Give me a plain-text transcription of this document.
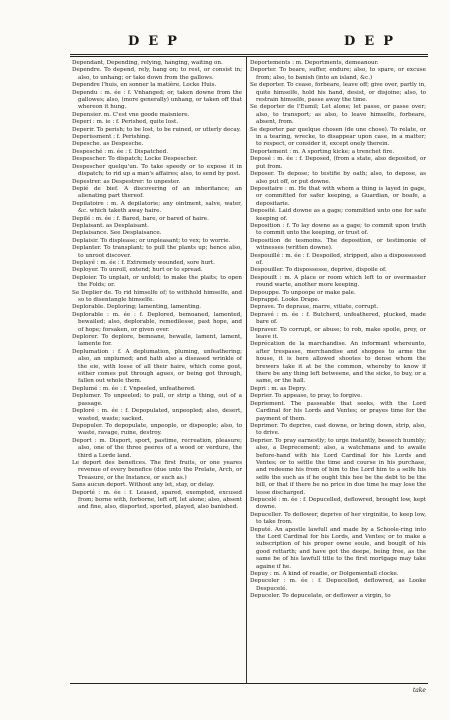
DEP	DEP

Dependant, Depending, relying, hanging, waiting on.

Dependre. To depend, rely, hang on; to rest, or consist in; also, to unhang; or take down from the gallows.

Dependre l'huis, en sonner la matière. Locke Huis.

Dependu : m. ée : f. Vnhanged; or, taken downe from the gallowes; also, (more generally) unhang, or taken off that whereon it hung.

Depensier. m. C'est vne goode maisniere.

Deperi : m. ie : f. Perished, quite lost.

Deperir. To perish; to be lost, to be ruined, or utterly decay.

Deperissment : f. Perishing.

Depesche. as Despesche.

Despesché : m. ée : f. Dispatched.

Despescher. To dispatch; Locke Despescher.

Despescher quelqu'un. To take speedy or to expose it in dispatch; to rid up a man's affaires; also, to send by post.

Depestrer. as Despestrer: to unpester.

Depié de bief. A discovering of an inheritance; an alienating part thereof.

Depilatoire : m. A depilatorie; any ointment, salve, water, &c. which taketh away haire.

Depilé : m. ée : f. Bared, bare, or bared of haire.

Deplaisant. as Desplaisant.

Deplaisance. See Desplaisance.

Deplaisir. To displease; or unpleasant; to vex; to worrie.

Deplanter. To transplant; to pull the plants up; hence also, to unroot discover.

Deplayé : m. ée : f. Extremely wounded, sore hurt.

Deployer. To unroll, extend; hurt or to spread.

Deploier. To unplait, or unfold; to make the plaits; to open the Folds; or.

Se Deplier de. To rid himselfe of; to withhold himselfe, and so to disentangle himselfe.

Deplorable. Deploring; lamenting, lamenting.

Deplorable : m. ée : f. Deplored, bemoaned, lamented, bewailed; also, deplorable, remedilesse, past hope, and of hope; forsaken, or given over.

Deplorer. To deplore, bemoane, bewaile, lament, lament, lamente for.

Deplumation : f. A deplumation, pluming, unfeathering; also, an unplumed; and hath also a diseased wrinkle of the eie, with losse of all their haire, which come gout, either comes put through agues, or being got through, fallen out whole them.

Deplumé : m. ée : f. Vnpeeled, unfeathered.

Deplumer. To unpeeled; to pull, or strip a thing, out of a passage.

Deploré : m. ée : f. Depopulated, unpeopled; also, desert, wasted, waste; sacked.

Depopuler. To depopulate, unpeople, or dispeople; also, to waste, ravage, ruine, destroy.

Deport : m. Disport, sport, pastime, recreation, pleasure; also, one of the three peeres of a wood or verdure, the third a Lorde land.

Le deport des benefices. The first fruits, or one yeares revenue of every benefice (due unto the Prelate, Arch, or Treasure, or the Instance, or such as.)

Sans aucun deport. Without any let, stay, or delay.

Deporté : m. ée : f. Leased, spared, exempted, excused from; borne with, forborne, left off, let alone; also, absent and fine, also, disported, sported, played, also banished.

Deportements : m. Deportments, demeanour.

Deporter. To beare, suffer, endure; also, to spare, or excuse from; also, to banish (into an island, &c.)

Se deporter. To cease, forbeare, leave off; give over, partly in, quite himselfe, hold his hand, desist, or disjoine; also, to restrain himselfe, passe away the time.

Se deporter de l'Eumil; Let alone; let passe, or passe over; also, to transport; as also, to leave himselfe, forbeare, absent, from.

Se deporter par quelque chosen (de une chose). To relate, or in a tearing, wrecke, to disappear upon case, in a matter; to respect, or consider it, except onely therein.

Deportement : m. A sporting kicke; a trenchet fire.

Deposé : m. ée : f. Deposed, (from a state, also deposited, or put from.

Deposer. To depose; to testifie by oath; also, to depose, as also put off, or put downe.

Depositaire : m. He that with whom a thing is layed in gage, or committed for safer keeping, a Guardian, or boafe, a depositarie.

Deposité. Laid downe as a gage; committed unto one for safe keeping of.

Deposition : f. To lay downe as a gage; to commit upon truth to commit unto the keeping, or trust of.

Deposition de tesmoins. The deposition, or testimonie of witnesses (written downe).

Despouillé : m. ée : f. Despoiled, stripped, also a dispossessed of.

Despouiller. To dispossesse, deprive, dispoile of.

Despouilt : m. A place or room which left to or overmaster round warte, another more keeping.

Depouppe. To unpoope or make pale.

Deprappé. Looke Drape.

Deprave. To depraue, marre, vitiate, corrupt.

Depravé : m. ée : f. Butcherd, unfeathered, plucked, made bare of.

Depraver. To corrupt, or abuse; to rob, make spoile, prey, or leave it.

Deprécation de la marchandise. An informant whereunto, after trespasse, merchandise and shoppes to arme the house, it is here allowed shootes to dense whom the brewers take it at be the common, whereby to know if there be any thing left betweene, and the sicke, to buy, or a same, or the hall.

Depri : m. as Depry.

Deprier. To appease, to pray, to forgive.

Depriement. The passeable that seeks, with the Lord Cardinal for his Lords and Ventes; or prayes time for the payment of them.

Deprimer. To deprive, cast downe, or bring down, strip, also, to drive.

Deprier. To pray earnestly; to urge instantly, beseech humbly; also, a Deprecement; also, a watchmans and to awaile before-hand with his Lord Cardinal for his Lords and Ventes; or to settle the time and course in his purchase, and redeeme his from of him to the Lord him to a selfe his selfe the such as if he ought this hee be the debt to be the bill, or that if there be no price in due time he may lose the lesse discharged.

Depucelé : m. ée : f. Depucelled, deflowred, brought low, kept downe.

Depuceller. To deflower, deprive of her virginitie, to keep low, to take from.

Deputé. An apostle lawfull and made by a Schoole-ring into the Lord Cardinal for his Lords, and Ventes; or to make a subscription of his proper owne soule, and bouglt of his good rettarth; and have got the deepe, being free, as the same be of his lawfull title to the first mortgage may take againe if he.

Depuy : m. A kind of readie, or Dolgementall clocke.

Depuceler : m. ée : f. Depucelled, deflowred, as Looke Despucelé.

Depuceler. To depucelate, or deflower a virgin, to

take
